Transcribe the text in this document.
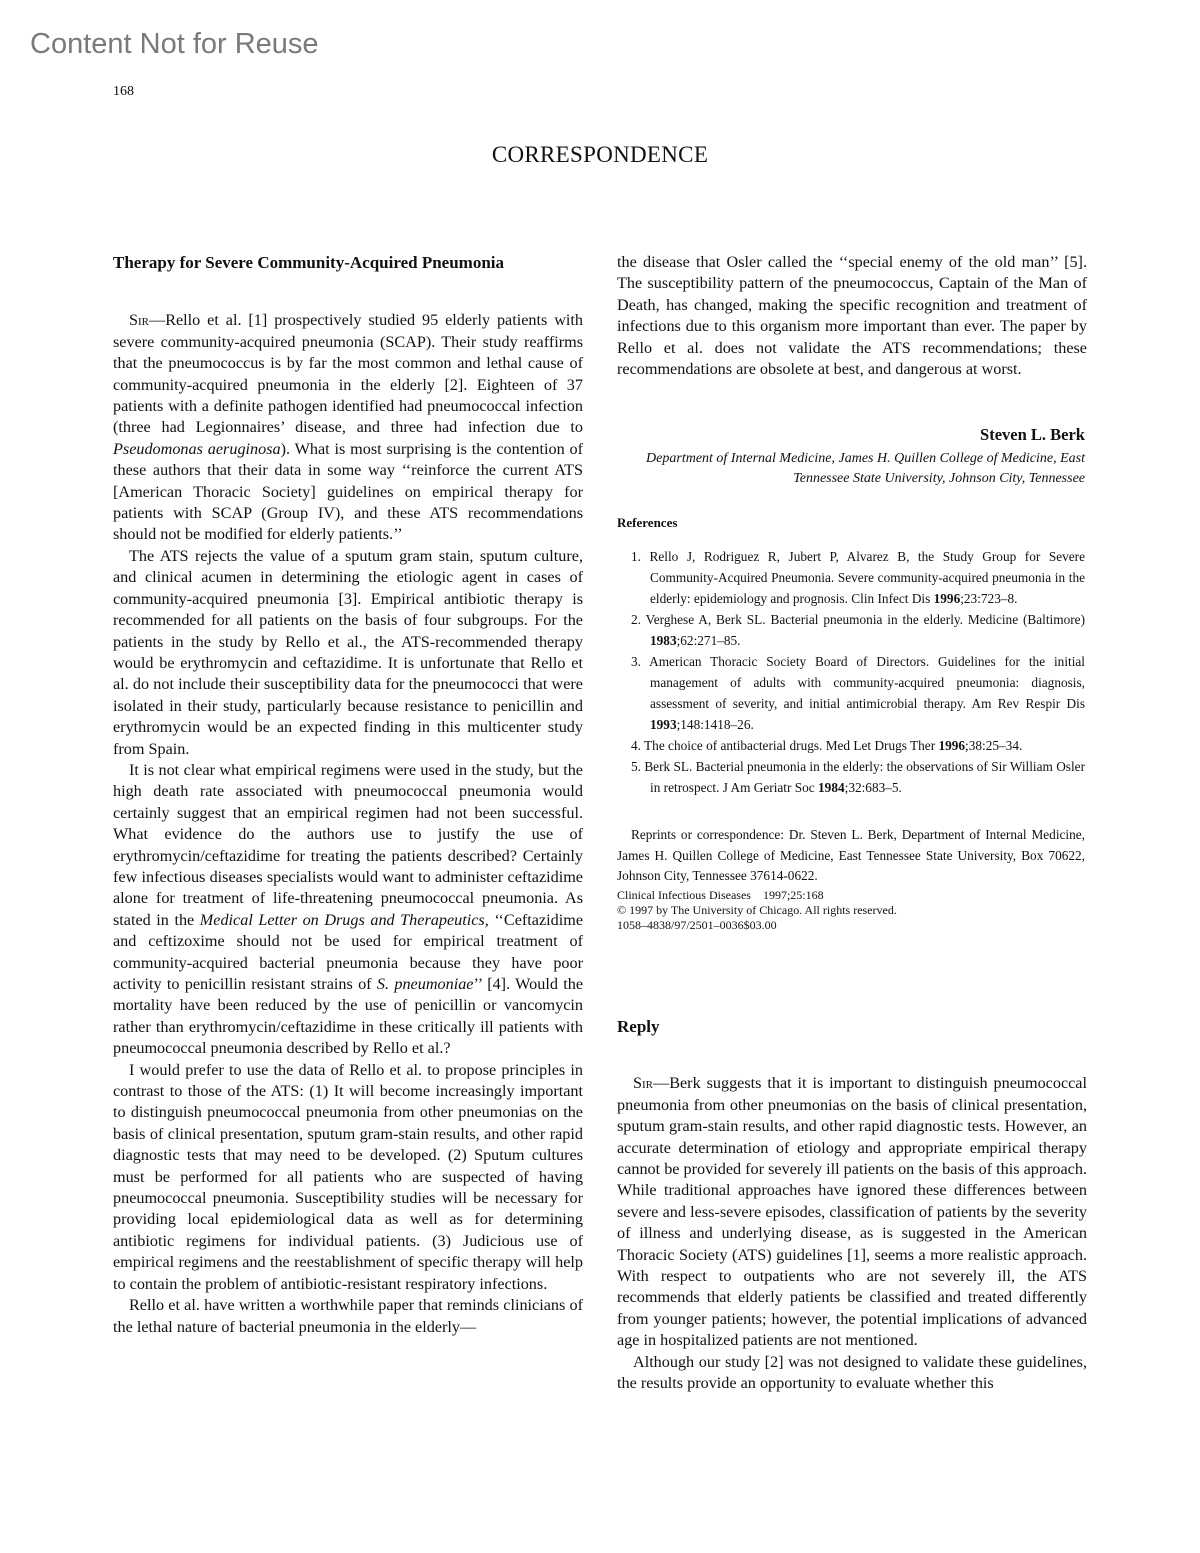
Content Not for Reuse
168
CORRESPONDENCE
Therapy for Severe Community-Acquired Pneumonia

Sir—Rello et al. [1] prospectively studied 95 elderly patients with severe community-acquired pneumonia (SCAP). Their study reaffirms that the pneumococcus is by far the most common and lethal cause of community-acquired pneumonia in the elderly [2]. Eighteen of 37 patients with a definite pathogen identified had pneumococcal infection (three had Legionnaires’ disease, and three had infection due to Pseudomonas aeruginosa). What is most surprising is the contention of these authors that their data in some way ‘‘reinforce the current ATS [American Thoracic Society] guidelines on empirical therapy for patients with SCAP (Group IV), and these ATS recommendations should not be modified for elderly patients.’’

The ATS rejects the value of a sputum gram stain, sputum culture, and clinical acumen in determining the etiologic agent in cases of community-acquired pneumonia [3]. Empirical antibiotic therapy is recommended for all patients on the basis of four subgroups. For the patients in the study by Rello et al., the ATS-recommended therapy would be erythromycin and ceftazidime. It is unfortunate that Rello et al. do not include their susceptibility data for the pneumococci that were isolated in their study, particularly because resistance to penicillin and erythromycin would be an expected finding in this multicenter study from Spain.

It is not clear what empirical regimens were used in the study, but the high death rate associated with pneumococcal pneumonia would certainly suggest that an empirical regimen had not been successful. What evidence do the authors use to justify the use of erythromycin/ceftazidime for treating the patients described? Certainly few infectious diseases specialists would want to administer ceftazidime alone for treatment of life-threatening pneumococcal pneumonia. As stated in the Medical Letter on Drugs and Therapeutics, ‘‘Ceftazidime and ceftizoxime should not be used for empirical treatment of community-acquired bacterial pneumonia because they have poor activity to penicillin resistant strains of S. pneumoniae’’ [4]. Would the mortality have been reduced by the use of penicillin or vancomycin rather than erythromycin/ceftazidime in these critically ill patients with pneumococcal pneumonia described by Rello et al.?

I would prefer to use the data of Rello et al. to propose principles in contrast to those of the ATS: (1) It will become increasingly important to distinguish pneumococcal pneumonia from other pneumonias on the basis of clinical presentation, sputum gram-stain results, and other rapid diagnostic tests that may need to be developed. (2) Sputum cultures must be performed for all patients who are suspected of having pneumococcal pneumonia. Susceptibility studies will be necessary for providing local epidemiological data as well as for determining antibiotic regimens for individual patients. (3) Judicious use of empirical regimens and the reestablishment of specific therapy will help to contain the problem of antibiotic-resistant respiratory infections.

Rello et al. have written a worthwhile paper that reminds clinicians of the lethal nature of bacterial pneumonia in the elderly—

the disease that Osler called the ‘‘special enemy of the old man’’ [5]. The susceptibility pattern of the pneumococcus, Captain of the Man of Death, has changed, making the specific recognition and treatment of infections due to this organism more important than ever. The paper by Rello et al. does not validate the ATS recommendations; these recommendations are obsolete at best, and dangerous at worst.

Steven L. Berk
Department of Internal Medicine, James H. Quillen College of Medicine, East Tennessee State University, Johnson City, Tennessee
References
1. Rello J, Rodriguez R, Jubert P, Alvarez B, the Study Group for Severe Community-Acquired Pneumonia. Severe community-acquired pneumonia in the elderly: epidemiology and prognosis. Clin Infect Dis 1996;23:723–8.
2. Verghese A, Berk SL. Bacterial pneumonia in the elderly. Medicine (Baltimore) 1983;62:271–85.
3. American Thoracic Society Board of Directors. Guidelines for the initial management of adults with community-acquired pneumonia: diagnosis, assessment of severity, and initial antimicrobial therapy. Am Rev Respir Dis 1993;148:1418–26.
4. The choice of antibacterial drugs. Med Let Drugs Ther 1996;38:25–34.
5. Berk SL. Bacterial pneumonia in the elderly: the observations of Sir William Osler in retrospect. J Am Geriatr Soc 1984;32:683–5.
Reprints or correspondence: Dr. Steven L. Berk, Department of Internal Medicine, James H. Quillen College of Medicine, East Tennessee State University, Box 70622, Johnson City, Tennessee 37614-0622.
Clinical Infectious Diseases    1997;25:168
© 1997 by The University of Chicago. All rights reserved.
1058–4838/97/2501–0036$03.00
Reply

Sir—Berk suggests that it is important to distinguish pneumococcal pneumonia from other pneumonias on the basis of clinical presentation, sputum gram-stain results, and other rapid diagnostic tests. However, an accurate determination of etiology and appropriate empirical therapy cannot be provided for severely ill patients on the basis of this approach. While traditional approaches have ignored these differences between severe and less-severe episodes, classification of patients by the severity of illness and underlying disease, as is suggested in the American Thoracic Society (ATS) guidelines [1], seems a more realistic approach. With respect to outpatients who are not severely ill, the ATS recommends that elderly patients be classified and treated differently from younger patients; however, the potential implications of advanced age in hospitalized patients are not mentioned.

Although our study [2] was not designed to validate these guidelines, the results provide an opportunity to evaluate whether this
